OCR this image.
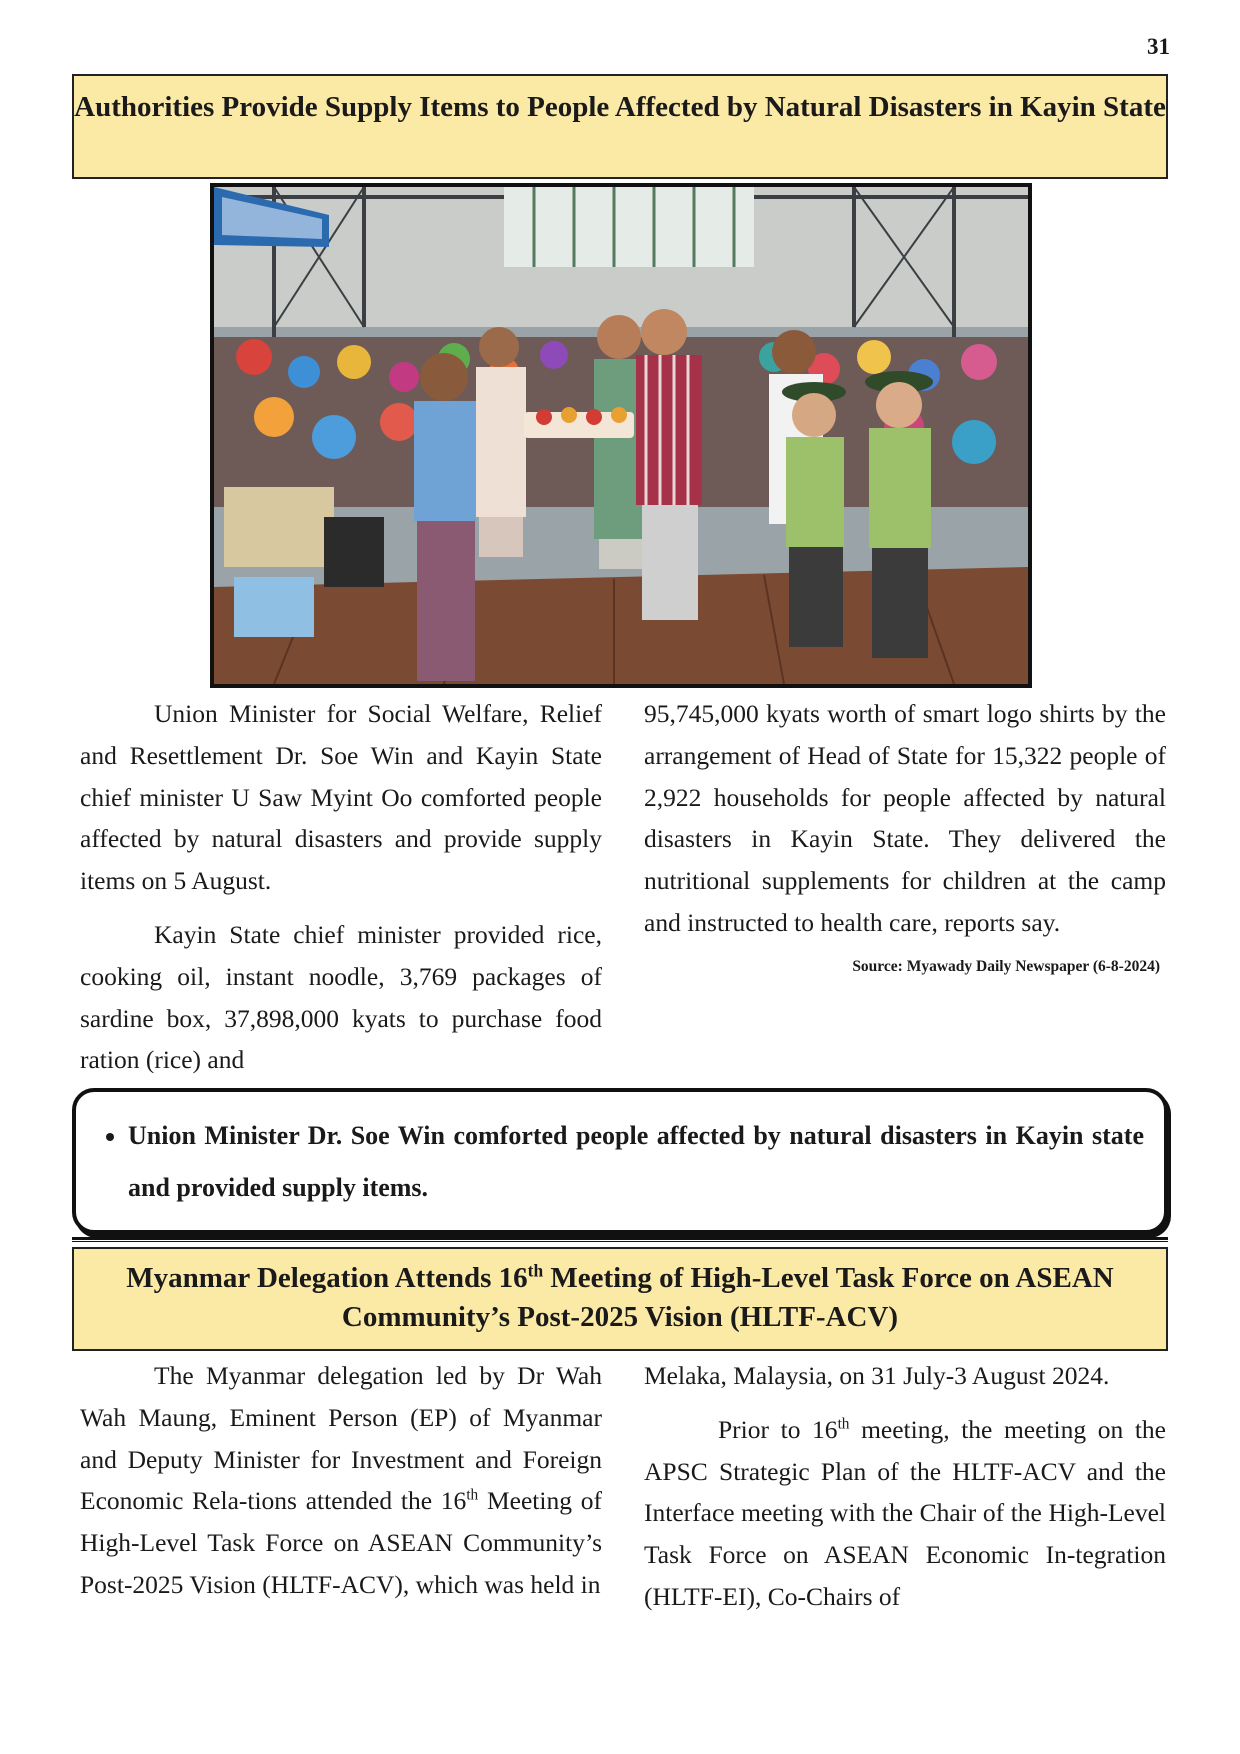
31
Authorities Provide Supply Items to People Affected by Natural Disasters in Kayin State

Union Minister for Social Welfare, Relief and Resettlement Dr. Soe Win and Kayin State chief minister U Saw Myint Oo comforted people affected by natural disasters and provide supply items on 5 August.

Kayin State chief minister provided rice, cooking oil, instant noodle, 3,769 packages of sardine box, 37,898,000 kyats to purchase food ration (rice) and

95,745,000 kyats worth of smart logo shirts by the arrangement of Head of State for 15,322 people of 2,922 households for people affected by natural disasters in Kayin State. They delivered the nutritional supplements for children at the camp and instructed to health care, reports say.

Source: Myawady Daily Newspaper (6-8-2024)

• Union Minister Dr. Soe Win comforted people affected by natural disasters in Kayin state and provided supply items.
Myanmar Delegation Attends 16th Meeting of High-Level Task Force on ASEAN Community’s Post-2025 Vision (HLTF-ACV)

The Myanmar delegation led by Dr Wah Wah Maung, Eminent Person (EP) of Myanmar and Deputy Minister for Investment and Foreign Economic Rela-tions attended the 16th Meeting of High-Level Task Force on ASEAN Community’s Post-2025 Vision (HLTF-ACV), which was held in

Melaka, Malaysia, on 31 July-3 August 2024.

Prior to 16th meeting, the meeting on the APSC Strategic Plan of the HLTF-ACV and the Interface meeting with the Chair of the High-Level Task Force on ASEAN Economic In-tegration (HLTF-EI), Co-Chairs of
